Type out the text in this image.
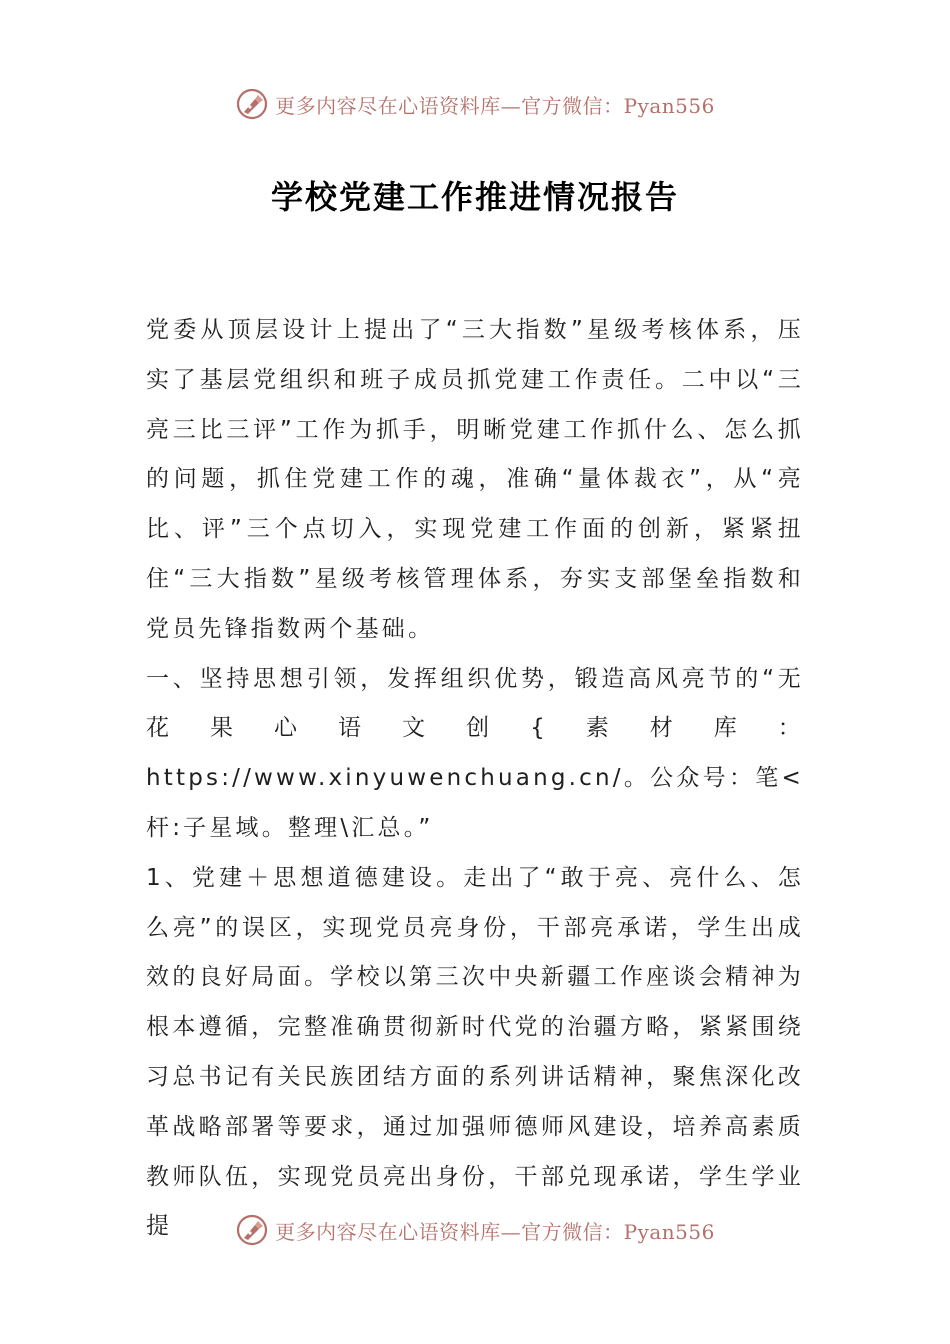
更多内容尽在心语资料库—官方微信：Pyan556
学校党建工作推进情况报告

党委从顶层设计上提出了“三大指数”星级考核体系，压实了基层党组织和班子成员抓党建工作责任。二中以“三亮三比三评”工作为抓手，明晰党建工作抓什么、怎么抓的问题，抓住党建工作的魂，准确“量体裁衣”，从“亮比、评”三个点切入，实现党建工作面的创新，紧紧扭住“三大指数”星级考核管理体系，夯实支部堡垒指数和党员先锋指数两个基础。

一、坚持思想引领，发挥组织优势，锻造高风亮节的“无花果心语文创{素材库：https://www.xinyuwenchuang.cn/。公众号：笔<杆:子星域。整理\汇总。”

1、党建＋思想道德建设。走出了“敢于亮、亮什么、怎么亮”的误区，实现党员亮身份，干部亮承诺，学生出成效的良好局面。学校以第三次中央新疆工作座谈会精神为根本遵循，完整准确贯彻新时代党的治疆方略，紧紧围绕习总书记有关民族团结方面的系列讲话精神，聚焦深化改革战略部署等要求，通过加强师德师风建设，培养高素质教师队伍，实现党员亮出身份，干部兑现承诺，学生学业提	更多内容尽在心语资料库—官方微信：Pyan556
